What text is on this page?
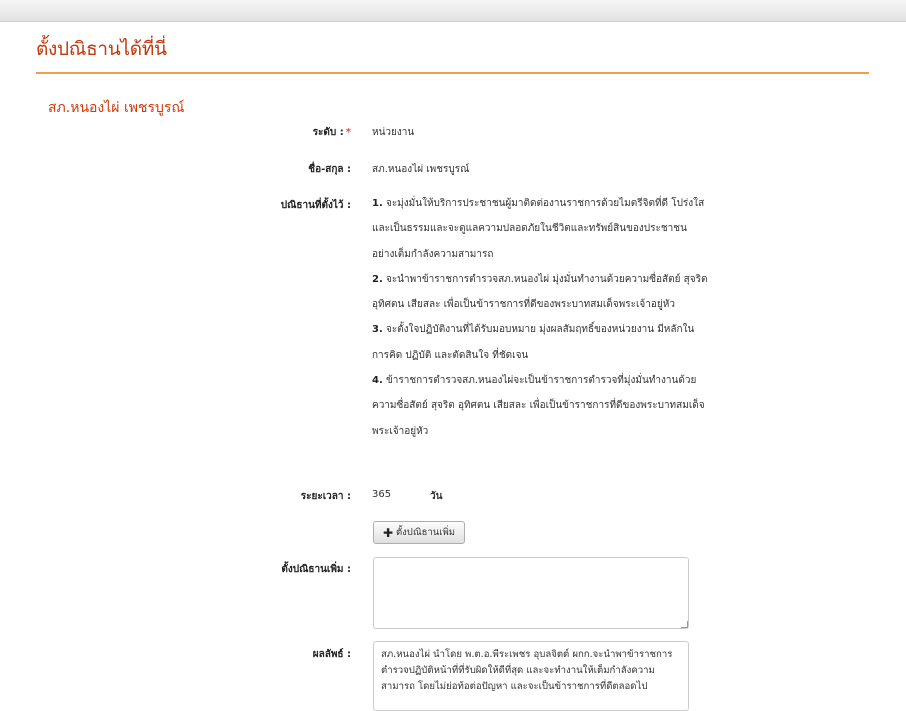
ตั้งปณิธานได้ที่นี่
สภ.หนองไผ่ เพชรบูรณ์
ระดับ : * หน่วยงาน
ชื่อ-สกุล : สภ.หนองไผ่ เพชรบูรณ์
ปณิธานที่ตั้งไว้ : 1. จะมุ่งมั่นให้บริการประชาชนผู้มาติดต่องานราชการด้วยไมตรีจิตที่ดี โปร่งใส และเป็นธรรมและจะดูแลความปลอดภัยในชีวิตและทรัพย์สินของประชาชนอย่างเต็มกำลังความสามารถ

2. จะนำพาข้าราชการตำรวจสภ.หนองไผ่ มุ่งมั่นทำงานด้วยความซื่อสัตย์ สุจริต อุทิศตน เสียสละ เพื่อเป็นข้าราชการที่ดีของพระบาทสมเด็จพระเจ้าอยู่หัว

3. จะตั้งใจปฏิบัติงานที่ได้รับมอบหมาย มุ่งผลสัมฤทธิ์ของหน่วยงาน มีหลักในการคิด ปฏิบัติ และตัดสินใจ ที่ชัดเจน

4. ข้าราชการตำรวจสภ.หนองไผ่จะเป็นข้าราชการตำรวจที่มุ่งมั่นทำงานด้วยความซื่อสัตย์ สุจริต อุทิศตน เสียสละ เพื่อเป็นข้าราชการที่ดีของพระบาทสมเด็จพระเจ้าอยู่หัว

ระยะเวลา : 365	วัน
✚ ตั้งปณิธานเพิ่ม
ตั้งปณิธานเพิ่ม :
ผลลัพธ์ :	สภ.หนองไผ่ นำโดย พ.ต.อ.พีระเพชร อุบลจิตต์ ผกก.จะนำพาข้าราชการตำรวจปฏิบัติหน้าที่ที่รับผิดให้ดีที่สุด และจะทำงานให้เต็มกำลังความสามารถ โดยไม่ย่อท้อต่อปัญหา และจะเป็นข้าราชการที่ดีตลอดไป
